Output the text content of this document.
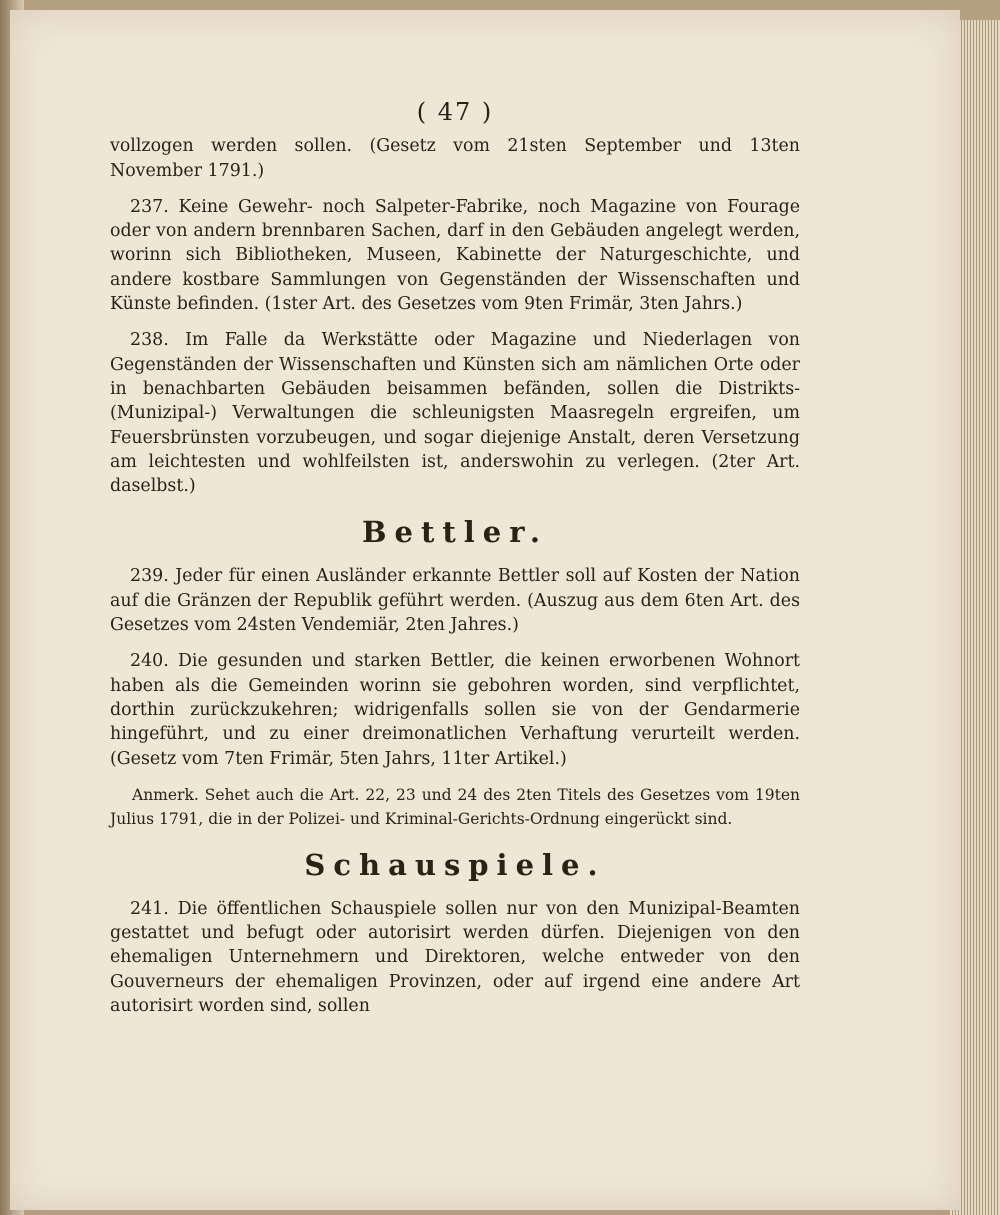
( 47 )

vollzogen werden sollen. (Gesetz vom 21sten September und 13ten November 1791.)

237. Keine Gewehr- noch Salpeter-Fabrike, noch Magazine von Fourage oder von andern brennbaren Sachen, darf in den Gebäuden angelegt werden, worinn sich Bibliotheken, Museen, Kabinette der Naturgeschichte, und andere kostbare Sammlungen von Gegenständen der Wissenschaften und Künste befinden. (1ster Art. des Gesetzes vom 9ten Frimär, 3ten Jahrs.)

238. Im Falle da Werkstätte oder Magazine und Niederlagen von Gegenständen der Wissenschaften und Künsten sich am nämlichen Orte oder in benachbarten Gebäuden beisammen befänden, sollen die Distrikts- (Munizipal-) Verwaltungen die schleunigsten Maasregeln ergreifen, um Feuersbrünsten vorzubeugen, und sogar diejenige Anstalt, deren Versetzung am leichtesten und wohlfeilsten ist, anderswohin zu verlegen. (2ter Art. daselbst.)

Bettler.

239. Jeder für einen Ausländer erkannte Bettler soll auf Kosten der Nation auf die Gränzen der Republik geführt werden. (Auszug aus dem 6ten Art. des Gesetzes vom 24sten Vendemiär, 2ten Jahres.)

240. Die gesunden und starken Bettler, die keinen erworbenen Wohnort haben als die Gemeinden worinn sie gebohren worden, sind verpflichtet, dorthin zurückzukehren; widrigenfalls sollen sie von der Gendarmerie hingeführt, und zu einer dreimonatlichen Verhaftung verurteilt werden. (Gesetz vom 7ten Frimär, 5ten Jahrs, 11ter Artikel.)

Anmerk. Sehet auch die Art. 22, 23 und 24 des 2ten Titels des Gesetzes vom 19ten Julius 1791, die in der Polizei- und Kriminal-Gerichts-Ordnung eingerückt sind.

Schauspiele.

241. Die öffentlichen Schauspiele sollen nur von den Munizipal-Beamten gestattet und befugt oder autorisirt werden dürfen. Diejenigen von den ehemaligen Unternehmern und Direktoren, welche entweder von den Gouverneurs der ehemaligen Provinzen, oder auf irgend eine andere Art autorisirt worden sind, sollen
